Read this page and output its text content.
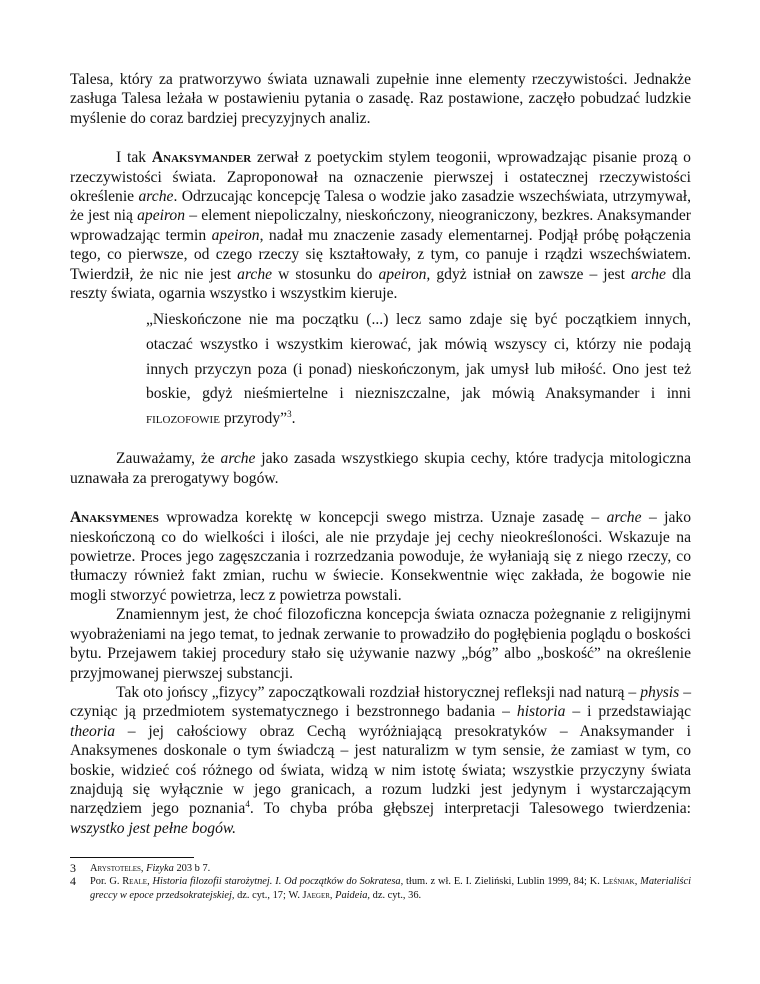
Talesa, który za pratworzywo świata uznawali zupełnie inne elementy rzeczywistości. Jednakże zasługa Talesa leżała w postawieniu pytania o zasadę. Raz postawione, zaczęło pobudzać ludzkie myślenie do coraz bardziej precyzyjnych analiz.

I tak Anaksymander zerwał z poetyckim stylem teogonii, wprowadzając pisanie prozą o rzeczywistości świata. Zaproponował na oznaczenie pierwszej i ostatecznej rzeczywistości określenie arche. Odrzucając koncepcję Talesa o wodzie jako zasadzie wszechświata, utrzymywał, że jest nią apeiron – element niepoliczalny, nieskończony, nieograniczony, bezkres. Anaksymander wprowadzając termin apeiron, nadał mu znaczenie zasady elementarnej. Podjął próbę połączenia tego, co pierwsze, od czego rzeczy się kształtowały, z tym, co panuje i rządzi wszechświatem. Twierdził, że nic nie jest arche w stosunku do apeiron, gdyż istniał on zawsze – jest arche dla reszty świata, ogarnia wszystko i wszystkim kieruje.

„Nieskończone nie ma początku (...) lecz samo zdaje się być początkiem innych, otaczać wszystko i wszystkim kierować, jak mówią wszyscy ci, którzy nie podają innych przyczyn poza (i ponad) nieskończonym, jak umysł lub miłość. Ono jest też boskie, gdyż nieśmiertelne i niezniszczalne, jak mówią Anaksymander i inni filozofowie przyrody”$^3$.

Zauważamy, że arche jako zasada wszystkiego skupia cechy, które tradycja mitologiczna uznawała za prerogatywy bogów.

Anaksymenes wprowadza korektę w koncepcji swego mistrza. Uznaje zasadę – arche – jako nieskończoną co do wielkości i ilości, ale nie przydaje jej cechy nieokreśloności. Wskazuje na powietrze. Proces jego zagęszczania i rozrzedzania powoduje, że wyłaniają się z niego rzeczy, co tłumaczy również fakt zmian, ruchu w świecie. Konsekwentnie więc zakłada, że bogowie nie mogli stworzyć powietrza, lecz z powietrza powstali.

Znamiennym jest, że choć filozoficzna koncepcja świata oznacza pożegnanie z religijnymi wyobrażeniami na jego temat, to jednak zerwanie to prowadziło do pogłębienia poglądu o boskości bytu. Przejawem takiej procedury stało się używanie nazwy „bóg” albo „boskość” na określenie przyjmowanej pierwszej substancji.

Tak oto jońscy „fizycy” zapoczątkowali rozdział historycznej refleksji nad naturą – physis – czyniąc ją przedmiotem systematycznego i bezstronnego badania – historia – i przedstawiając theoria – jej całościowy obraz Cechą wyróżniającą presokratyków – Anaksymander i Anaksymenes doskonale o tym świadczą – jest naturalizm w tym sensie, że zamiast w tym, co boskie, widzieć coś różnego od świata, widzą w nim istotę świata; wszystkie przyczyny świata znajdują się wyłącznie w jego granicach, a rozum ludzki jest jedynym i wystarczającym narzędziem jego poznania$^4$. To chyba próba głębszej interpretacji Talesowego twierdzenia: wszystko jest pełne bogów.

3	Arystoteles, Fizyka 203 b 7.
4	Por. G. Reale, Historia filozofii starożytnej. I. Od początków do Sokratesa, tłum. z wł. E. I. Zieliński, Lublin 1999, 84; K. Leśniak, Materialiści greccy w epoce przedsokratejskiej, dz. cyt., 17; W. Jaeger, Paideia, dz. cyt., 36.
